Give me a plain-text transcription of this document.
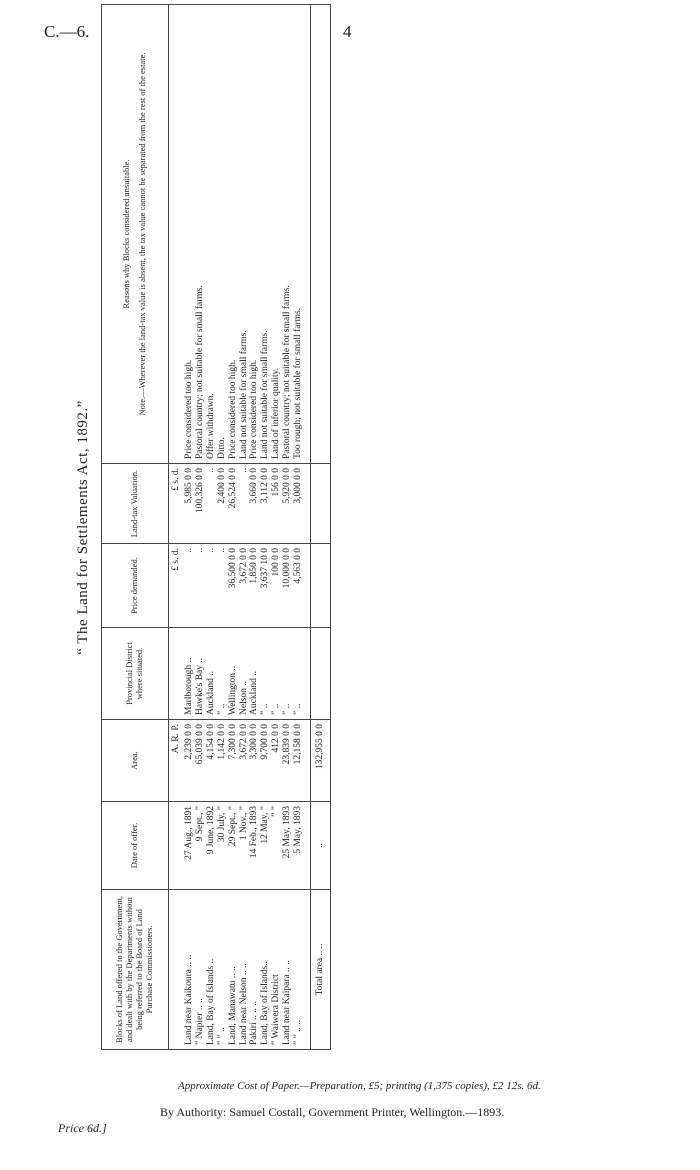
C.—6.	4
“ The Land for Settlements Act, 1892.”
Blocks of Land offered to the Government, and dealt with by the Departments without being referred to the Board of Land Purchase Commissioners.	Date of offer.	Area.	Provincial District where situated.	Price demanded.	Land-tax Valuation.	Reasons why Blocks considered unsuitable. Note.—Wherever the land-tax value is absent, the tax value cannot be separated from the rest of the estate.

		A. R. P.		£ s. d.	£ s. d.	
Land near Kaikoura .. ..	27 Aug., 1891	2,239 0 0	Marlborough ..	..	5,985 0 0	Price considered too high.
” Napier .. ..	9 Sept., ”	65,039 0 0	Hawke's Bay ..	..	100,326 0 0	Pastoral country; not suitable for small farms.
Land, Bay of Islands ..	9 June, 1892	4,154 0 0	Auckland ..	..	..	Offer withdrawn.
” ” ..	30 July, ”	1,142 0 0	” ..	..	2,400 0 0	Ditto.
Land, Manawatu .. ..	29 Sept., ”	7,300 0 0	Wellington ..	36,500 0 0	26,524 0 0	Price considered too high.
Land near Nelson .. ..	1 Nov., ”	3,672 0 0	Nelson ..	3,672 0 0	..	Land not suitable for small farms.
Pakiri .. .. ..	14 Feb., 1893	3,300 0 0	Auckland ..	1,850 0 0	3,660 0 0	Price considered too high.
Land, Bay of Islands..	12 May, ”	9,700 0 0	” ..	3,637 10 0	3,112 0 0	Land not suitable for small farms.
” Waiwera District	” ”	412 0 0	” ..	100 0 0	156 0 0	Land of inferior quality.
Land near Kaipara .. ..	25 May, 1893	23,839 0 0	” ..	10,000 0 0	5,920 0 0	Pastoral country; not suitable for small farms.
” ” .. ..	5 May, 1893	12,158 0 0	” ..	4,563 0 0	3,000 0 0	Too rough; not suitable for small farms.
Total area .. ..	..	132,955 0 0				
Approximate Cost of Paper.—Preparation, £5; printing (1,375 copies), £2 12s. 6d.
By Authority: Samuel Costall, Government Printer, Wellington.—1893.
Price 6d.]
